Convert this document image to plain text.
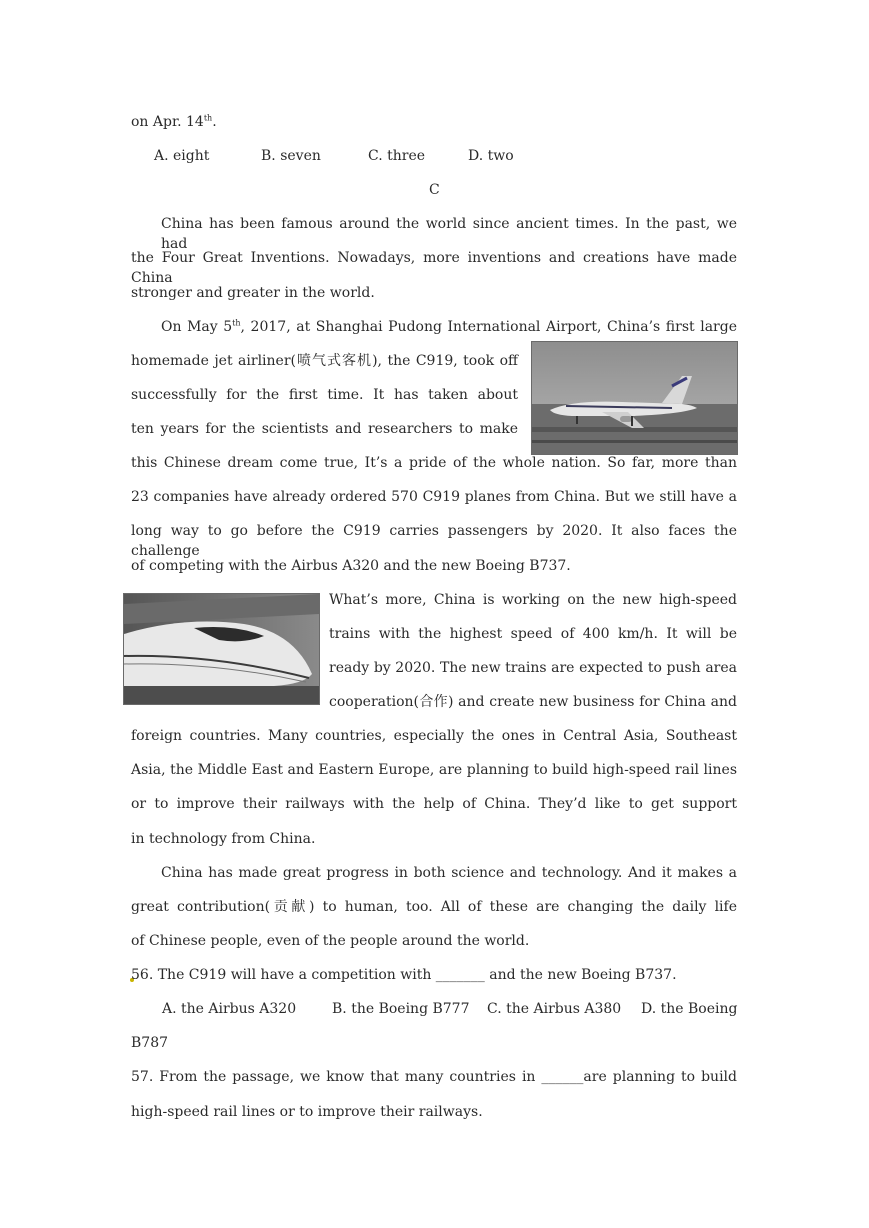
on Apr. 14th.
A. eight	B. seven	C. three	D. two
C
China has been famous around the world since ancient times. In the past, we had
the Four Great Inventions. Nowadays, more inventions and creations have made China
stronger and greater in the world.
On May 5th, 2017, at Shanghai Pudong International Airport, China’s first large
homemade jet airliner(喷气式客机), the C919, took off
successfully for the first time. It has taken about
ten years for the scientists and researchers to make
this Chinese dream come true, It’s a pride of the whole nation. So far, more than
23 companies have already ordered 570 C919 planes from China. But we still have a
long way to go before the C919 carries passengers by 2020. It also faces the challenge
of competing with the Airbus A320 and the new Boeing B737.
What’s more, China is working on the new high-speed
trains with the highest speed of 400 km/h. It will be
ready by 2020. The new trains are expected to push area
cooperation(合作) and create new business for China and
foreign countries. Many countries, especially the ones in Central Asia, Southeast
Asia, the Middle East and Eastern Europe, are planning to build high-speed rail lines
or to improve their railways with the help of China. They’d like to get support
in technology from China.
China has made great progress in both science and technology. And it makes a
great contribution(贡献) to human, too. All of these are changing the daily life
of Chinese people, even of the people around the world.
56. The C919 will have a competition with _______ and the new Boeing B737.
A. the Airbus A320	B. the Boeing B777 C. the Airbus A380 D. the Boeing
B787
57. From the passage, we know that many countries in ______are planning to build
high-speed rail lines or to improve their railways.
